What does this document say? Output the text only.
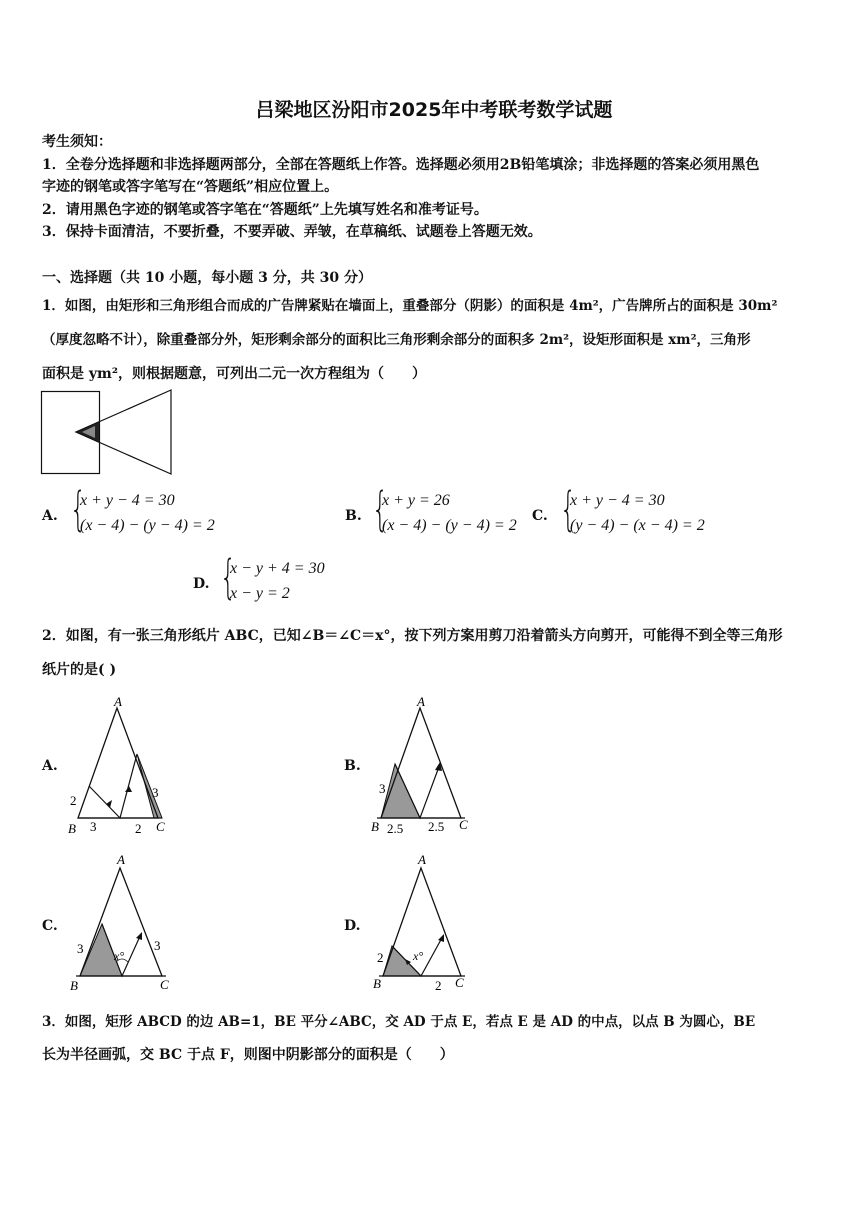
吕梁地区汾阳市2025年中考联考数学试题
考生须知：
1．全卷分选择题和非选择题两部分，全部在答题纸上作答。选择题必须用2B铅笔填涂；非选择题的答案必须用黑色
字迹的钢笔或答字笔写在“答题纸”相应位置上。
2．请用黑色字迹的钢笔或答字笔在“答题纸”上先填写姓名和准考证号。
3．保持卡面清洁，不要折叠，不要弄破、弄皱，在草稿纸、试题卷上答题无效。
一、选择题（共 10 小题，每小题 3 分，共 30 分）
1．如图，由矩形和三角形组合而成的广告牌紧贴在墙面上，重叠部分（阴影）的面积是 4m²，广告牌所占的面积是 30m²
（厚度忽略不计），除重叠部分外，矩形剩余部分的面积比三角形剩余部分的面积多 2m²，设矩形面积是 xm²，三角形
面积是 ym²，则根据题意，可列出二元一次方程组为（　　）
A. {
x + y − 4 = 30
(x − 4) − (y − 4) = 2
B. {
x + y = 26
(x − 4) − (y − 4) = 2
C. {
x + y − 4 = 30
(y − 4) − (x − 4) = 2
D. {
x − y + 4 = 30
x − y = 2
2．如图，有一张三角形纸片 ABC，已知∠B＝∠C＝x°，按下列方案用剪刀沿着箭头方向剪开，可能得不到全等三角形
纸片的是( )
A.
A
B	C
2
3	2
3
B.
A
B	C
3
2.5 2.5
C.
A
B	C
3	x°
3
D.
A
B	C
2 x°
2
3．如图，矩形 ABCD 的边 AB=1，BE 平分∠ABC，交 AD 于点 E，若点 E 是 AD 的中点，以点 B 为圆心，BE
长为半径画弧，交 BC 于点 F，则图中阴影部分的面积是（　　）
